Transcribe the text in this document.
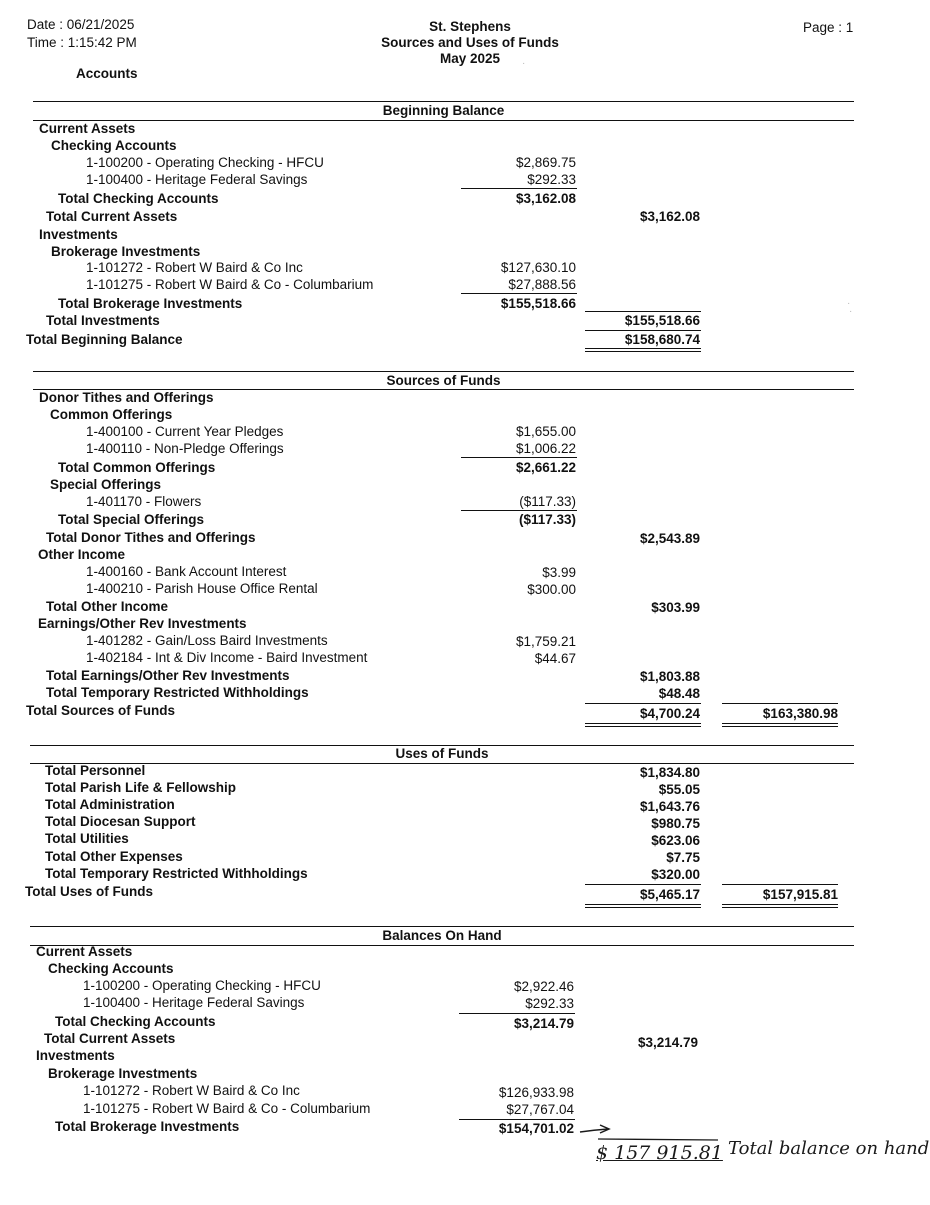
Date : 06/21/2025
Time : 1:15:42 PM
Accounts
St. Stephens
Sources and Uses of Funds
May 2025
Page : 1
·
·
·
Beginning Balance
Current Assets
Checking Accounts
1-100200 - Operating Checking - HFCU	$2,869.75
1-100400 - Heritage Federal Savings	$292.33
Total Checking Accounts	$3,162.08
Total Current Assets	$3,162.08
Investments
Brokerage Investments
1-101272 - Robert W Baird & Co Inc	$127,630.10
1-101275 - Robert W Baird & Co - Columbarium	$27,888.56
Total Brokerage Investments	$155,518.66
Total Investments	$155,518.66
Total Beginning Balance	$158,680.74
Sources of Funds
Donor Tithes and Offerings
Common Offerings
1-400100 - Current Year Pledges	$1,655.00
1-400110 - Non-Pledge Offerings	$1,006.22
Total Common Offerings	$2,661.22
Special Offerings
1-401170 - Flowers	($117.33)
Total Special Offerings	($117.33)
Total Donor Tithes and Offerings	$2,543.89
Other Income
1-400160 - Bank Account Interest	$3.99
1-400210 - Parish House Office Rental	$300.00
Total Other Income	$303.99
Earnings/Other Rev Investments
1-401282 - Gain/Loss Baird Investments	$1,759.21
1-402184 - Int & Div Income - Baird Investment	$44.67
Total Earnings/Other Rev Investments	$1,803.88
Total Temporary Restricted Withholdings	$48.48
Total Sources of Funds	$4,700.24	$163,380.98
Uses of Funds
Total Personnel	$1,834.80
Total Parish Life & Fellowship	$55.05
Total Administration	$1,643.76
Total Diocesan Support	$980.75
Total Utilities	$623.06
Total Other Expenses	$7.75
Total Temporary Restricted Withholdings	$320.00
Total Uses of Funds	$5,465.17	$157,915.81
Balances On Hand
Current Assets
Checking Accounts
1-100200 - Operating Checking - HFCU	$2,922.46
1-100400 - Heritage Federal Savings	$292.33
Total Checking Accounts	$3,214.79
Total Current Assets	$3,214.79
Investments
Brokerage Investments
1-101272 - Robert W Baird & Co Inc	$126,933.98
1-101275 - Robert W Baird & Co - Columbarium	$27,767.04
Total Brokerage Investments	$154,701.02
$ 157 915.81 Total balance on hand
